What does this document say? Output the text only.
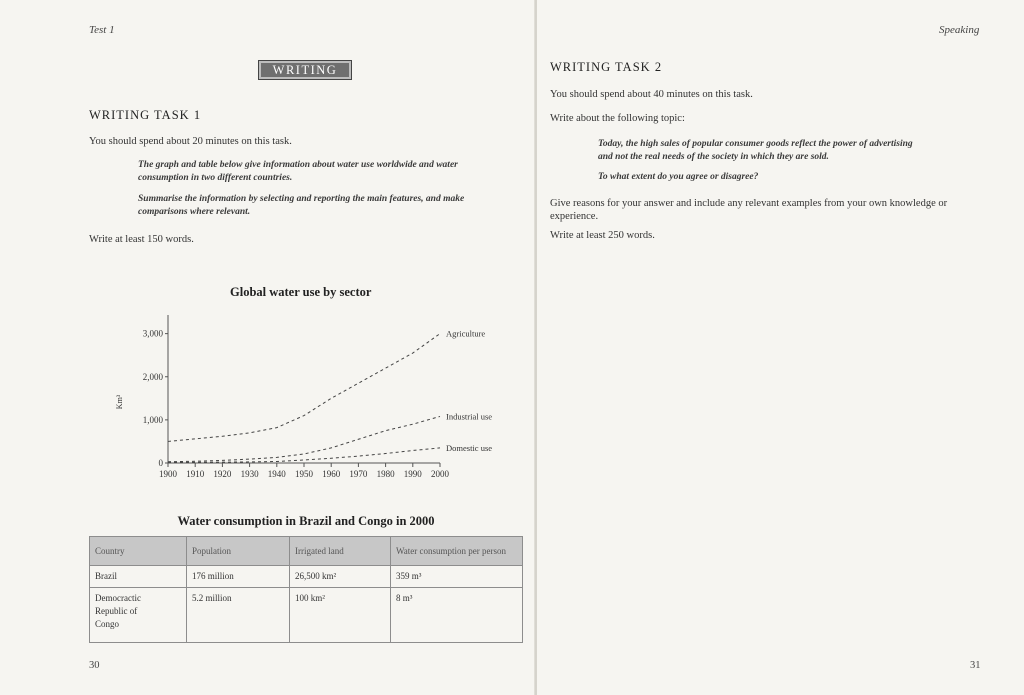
Test 1
WRITING
WRITING TASK 1
You should spend about 20 minutes on this task.
The graph and table below give information about water use worldwide and water consumption in two different countries.
Summarise the information by selecting and reporting the main features, and make comparisons where relevant.
Write at least 150 words.
Global water use by sector
0
1,000
2,000
3,000
Km³
1900 1910 1920 1930 1940 1950 1960 1970 1980 1990 2000
Agriculture
Industrial use
Domestic use
Water consumption in Brazil and Congo in 2000
Country	Population	Irrigated land	Water consumption per person
Brazil	176 million	26,500 km²	359 m³

Democractic Republic of Congo	5.2 million	100 km²	8 m³
30
Speaking
WRITING TASK 2
You should spend about 40 minutes on this task.
Write about the following topic:
Today, the high sales of popular consumer goods reflect the power of advertising and not the real needs of the society in which they are sold.
To what extent do you agree or disagree?
Give reasons for your answer and include any relevant examples from your own knowledge or experience.
Write at least 250 words.
31
